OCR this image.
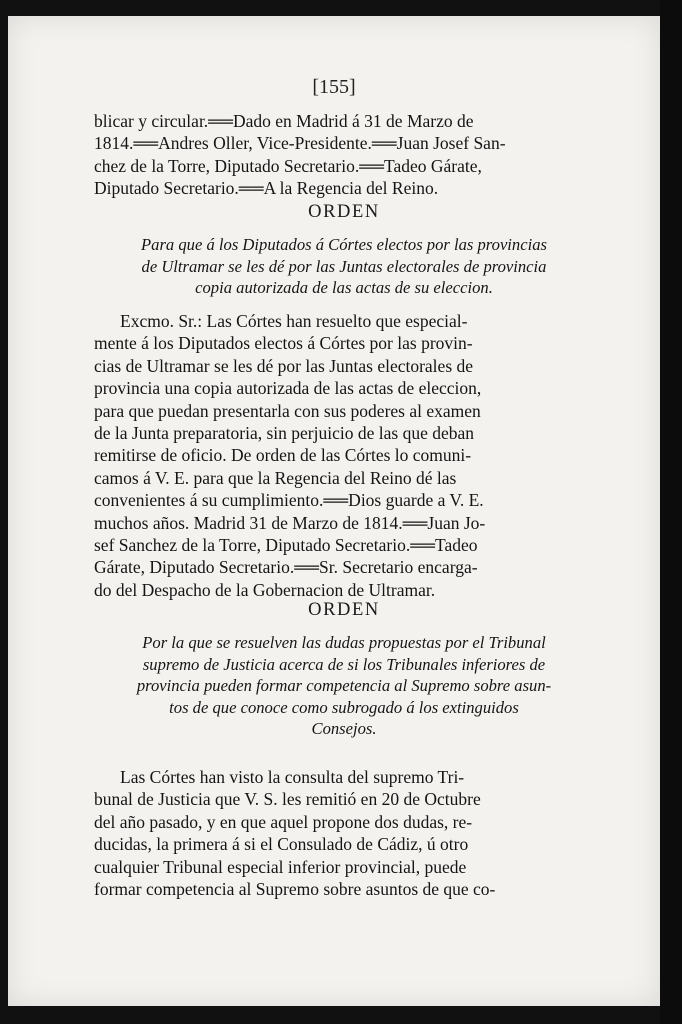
[155]
blicar y circular.══Dado en Madrid á 31 de Marzo de
1814.══Andres Oller, Vice-Presidente.══Juan Josef San-
chez de la Torre, Diputado Secretario.══Tadeo Gárate,
Diputado Secretario.══A la Regencia del Reino.
ORDEN
Para que á los Diputados á Córtes electos por las provincias
de Ultramar se les dé por las Juntas electorales de provincia
copia autorizada de las actas de su eleccion.
Excmo. Sr.: Las Córtes han resuelto que especial-
mente á los Diputados electos á Córtes por las provin-
cias de Ultramar se les dé por las Juntas electorales de
provincia una copia autorizada de las actas de eleccion,
para que puedan presentarla con sus poderes al examen
de la Junta preparatoria, sin perjuicio de las que deban
remitirse de oficio. De orden de las Córtes lo comuni-
camos á V. E. para que la Regencia del Reino dé las
convenientes á su cumplimiento.══Dios guarde a V. E.
muchos años. Madrid 31 de Marzo de 1814.══Juan Jo-
sef Sanchez de la Torre, Diputado Secretario.══Tadeo
Gárate, Diputado Secretario.══Sr. Secretario encarga-
do del Despacho de la Gobernacion de Ultramar.
ORDEN
Por la que se resuelven las dudas propuestas por el Tribunal
supremo de Justicia acerca de si los Tribunales inferiores de
provincia pueden formar competencia al Supremo sobre asun-
tos de que conoce como subrogado á los extinguidos
Consejos.
Las Córtes han visto la consulta del supremo Tri-
bunal de Justicia que V. S. les remitió en 20 de Octubre
del año pasado, y en que aquel propone dos dudas, re-
ducidas, la primera á si el Consulado de Cádiz, ú otro
cualquier Tribunal especial inferior provincial, puede
formar competencia al Supremo sobre asuntos de que co-
